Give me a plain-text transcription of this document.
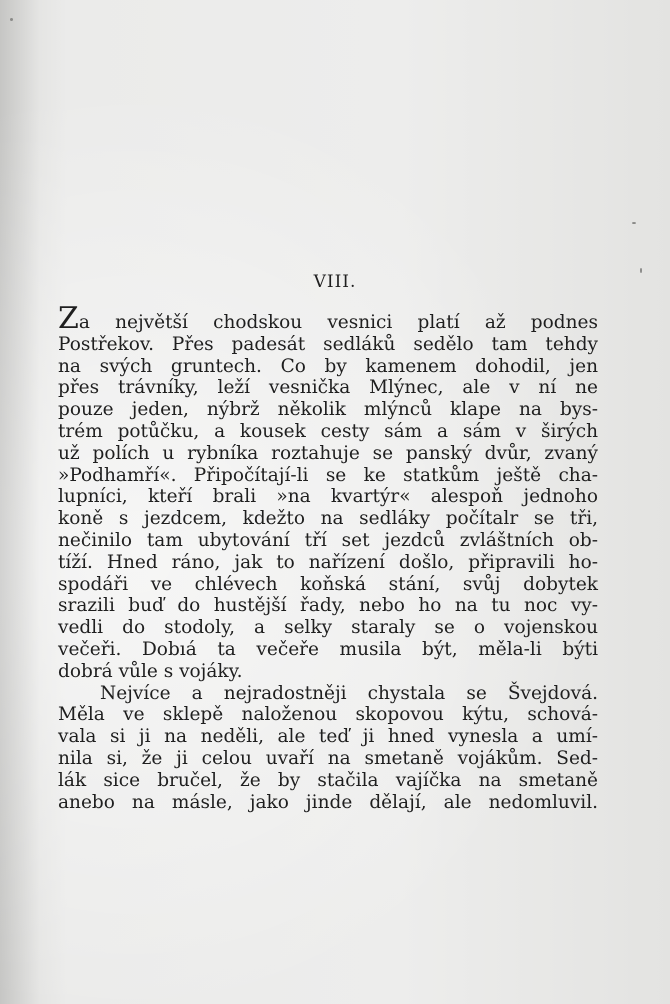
VIII.
Za největší chodskou vesnici platí až podnes
Postřekov. Přes padesát sedláků sedělo tam tehdy
na svých gruntech. Co by kamenem dohodil, jen
přes trávníky, leží vesnička Mlýnec, ale v ní ne
pouze jeden, nýbrž několik mlýnců klape na bys-
trém potůčku, a kousek cesty sám a sám v širých
už polích u rybníka roztahuje se panský dvůr, zvaný
»Podhamří«. Připočítají-li se ke statkům ještě cha-
lupníci, kteří brali »na kvartýr« alespoň jednoho
koně s jezdcem, kdežto na sedláky počítalr se tři,
nečinilo tam ubytování tří set jezdců zvláštních ob-
tíží. Hned ráno, jak to nařízení došlo, připravili ho-
spodáři ve chlévech koňská stání, svůj dobytek
srazili buď do hustější řady, nebo ho na tu noc vy-
vedli do stodoly, a selky staraly se o vojenskou
večeři. Dobıá ta večeře musila být, měla-li býti
dobrá vůle s vojáky.
Nejvíce a nejradostněji chystala se Švejdová.
Měla ve sklepě naloženou skopovou kýtu, schová-
vala si ji na neděli, ale teď ji hned vynesla a umí-
nila si, že ji celou uvaří na smetaně vojákům. Sed-
lák sice bručel, že by stačila vajíčka na smetaně
anebo na másle, jako jinde dělají, ale nedomluvil.
